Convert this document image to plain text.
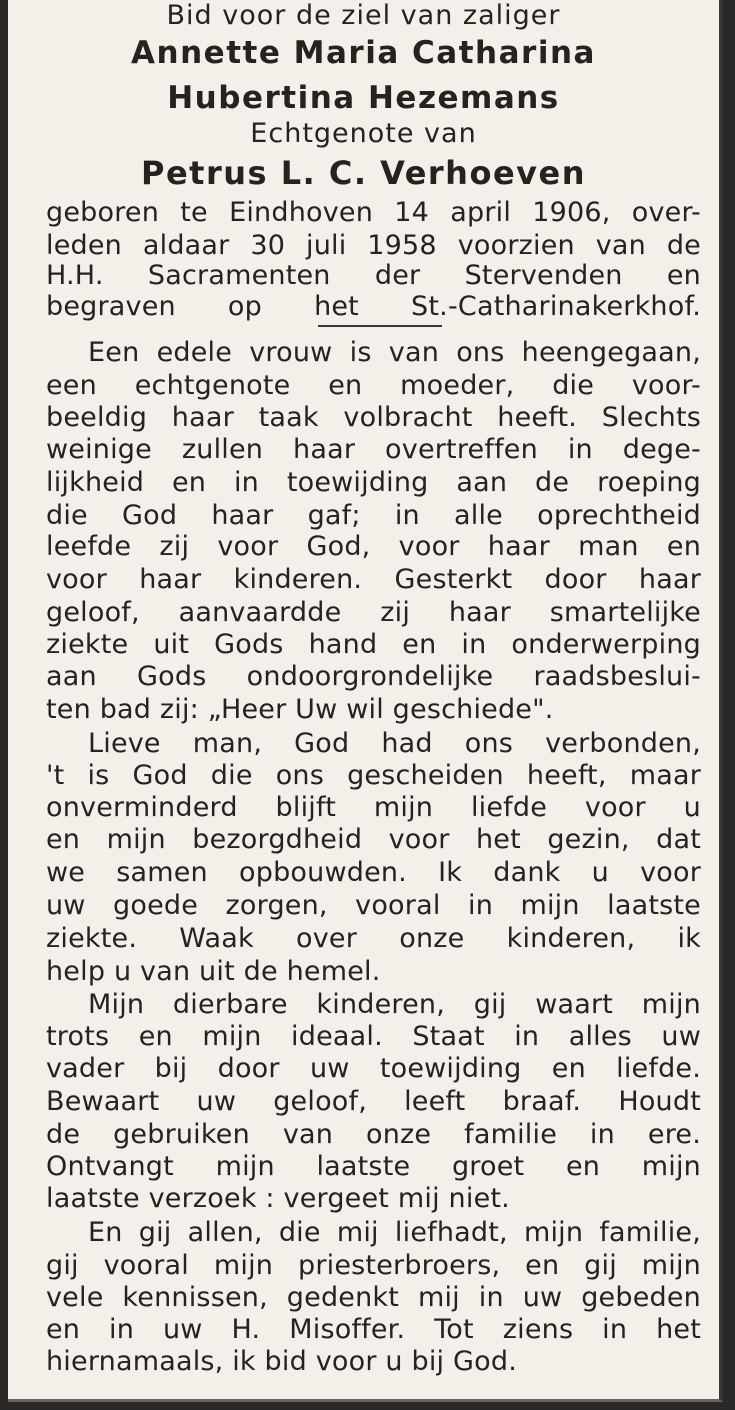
Bid voor de ziel van zaliger
Annette Maria Catharina
Hubertina Hezemans
Echtgenote van
Petrus L. C. Verhoeven
geboren te Eindhoven 14 april 1906, over-
leden aldaar 30 juli 1958 voorzien van de
H.H. Sacramenten der Stervenden en
begraven op het St.-Catharinakerkhof.
Een edele vrouw is van ons heengegaan,
een echtgenote en moeder, die voor-
beeldig haar taak volbracht heeft. Slechts
weinige zullen haar overtreffen in dege-
lijkheid en in toewijding aan de roeping
die God haar gaf; in alle oprechtheid
leefde zij voor God, voor haar man en
voor haar kinderen. Gesterkt door haar
geloof, aanvaardde zij haar smartelijke
ziekte uit Gods hand en in onderwerping
aan Gods ondoorgrondelijke raadsbeslui-
ten bad zij: „Heer Uw wil geschiede".
Lieve man, God had ons verbonden,
't is God die ons gescheiden heeft, maar
onverminderd blijft mijn liefde voor u
en mijn bezorgdheid voor het gezin, dat
we samen opbouwden. Ik dank u voor
uw goede zorgen, vooral in mijn laatste
ziekte. Waak over onze kinderen, ik
help u van uit de hemel.
Mijn dierbare kinderen, gij waart mijn
trots en mijn ideaal. Staat in alles uw
vader bij door uw toewijding en liefde.
Bewaart uw geloof, leeft braaf. Houdt
de gebruiken van onze familie in ere.
Ontvangt mijn laatste groet en mijn
laatste verzoek : vergeet mij niet.
En gij allen, die mij liefhadt, mijn familie,
gij vooral mijn priesterbroers, en gij mijn
vele kennissen, gedenkt mij in uw gebeden
en in uw H. Misoffer. Tot ziens in het
hiernamaals, ik bid voor u bij God.
